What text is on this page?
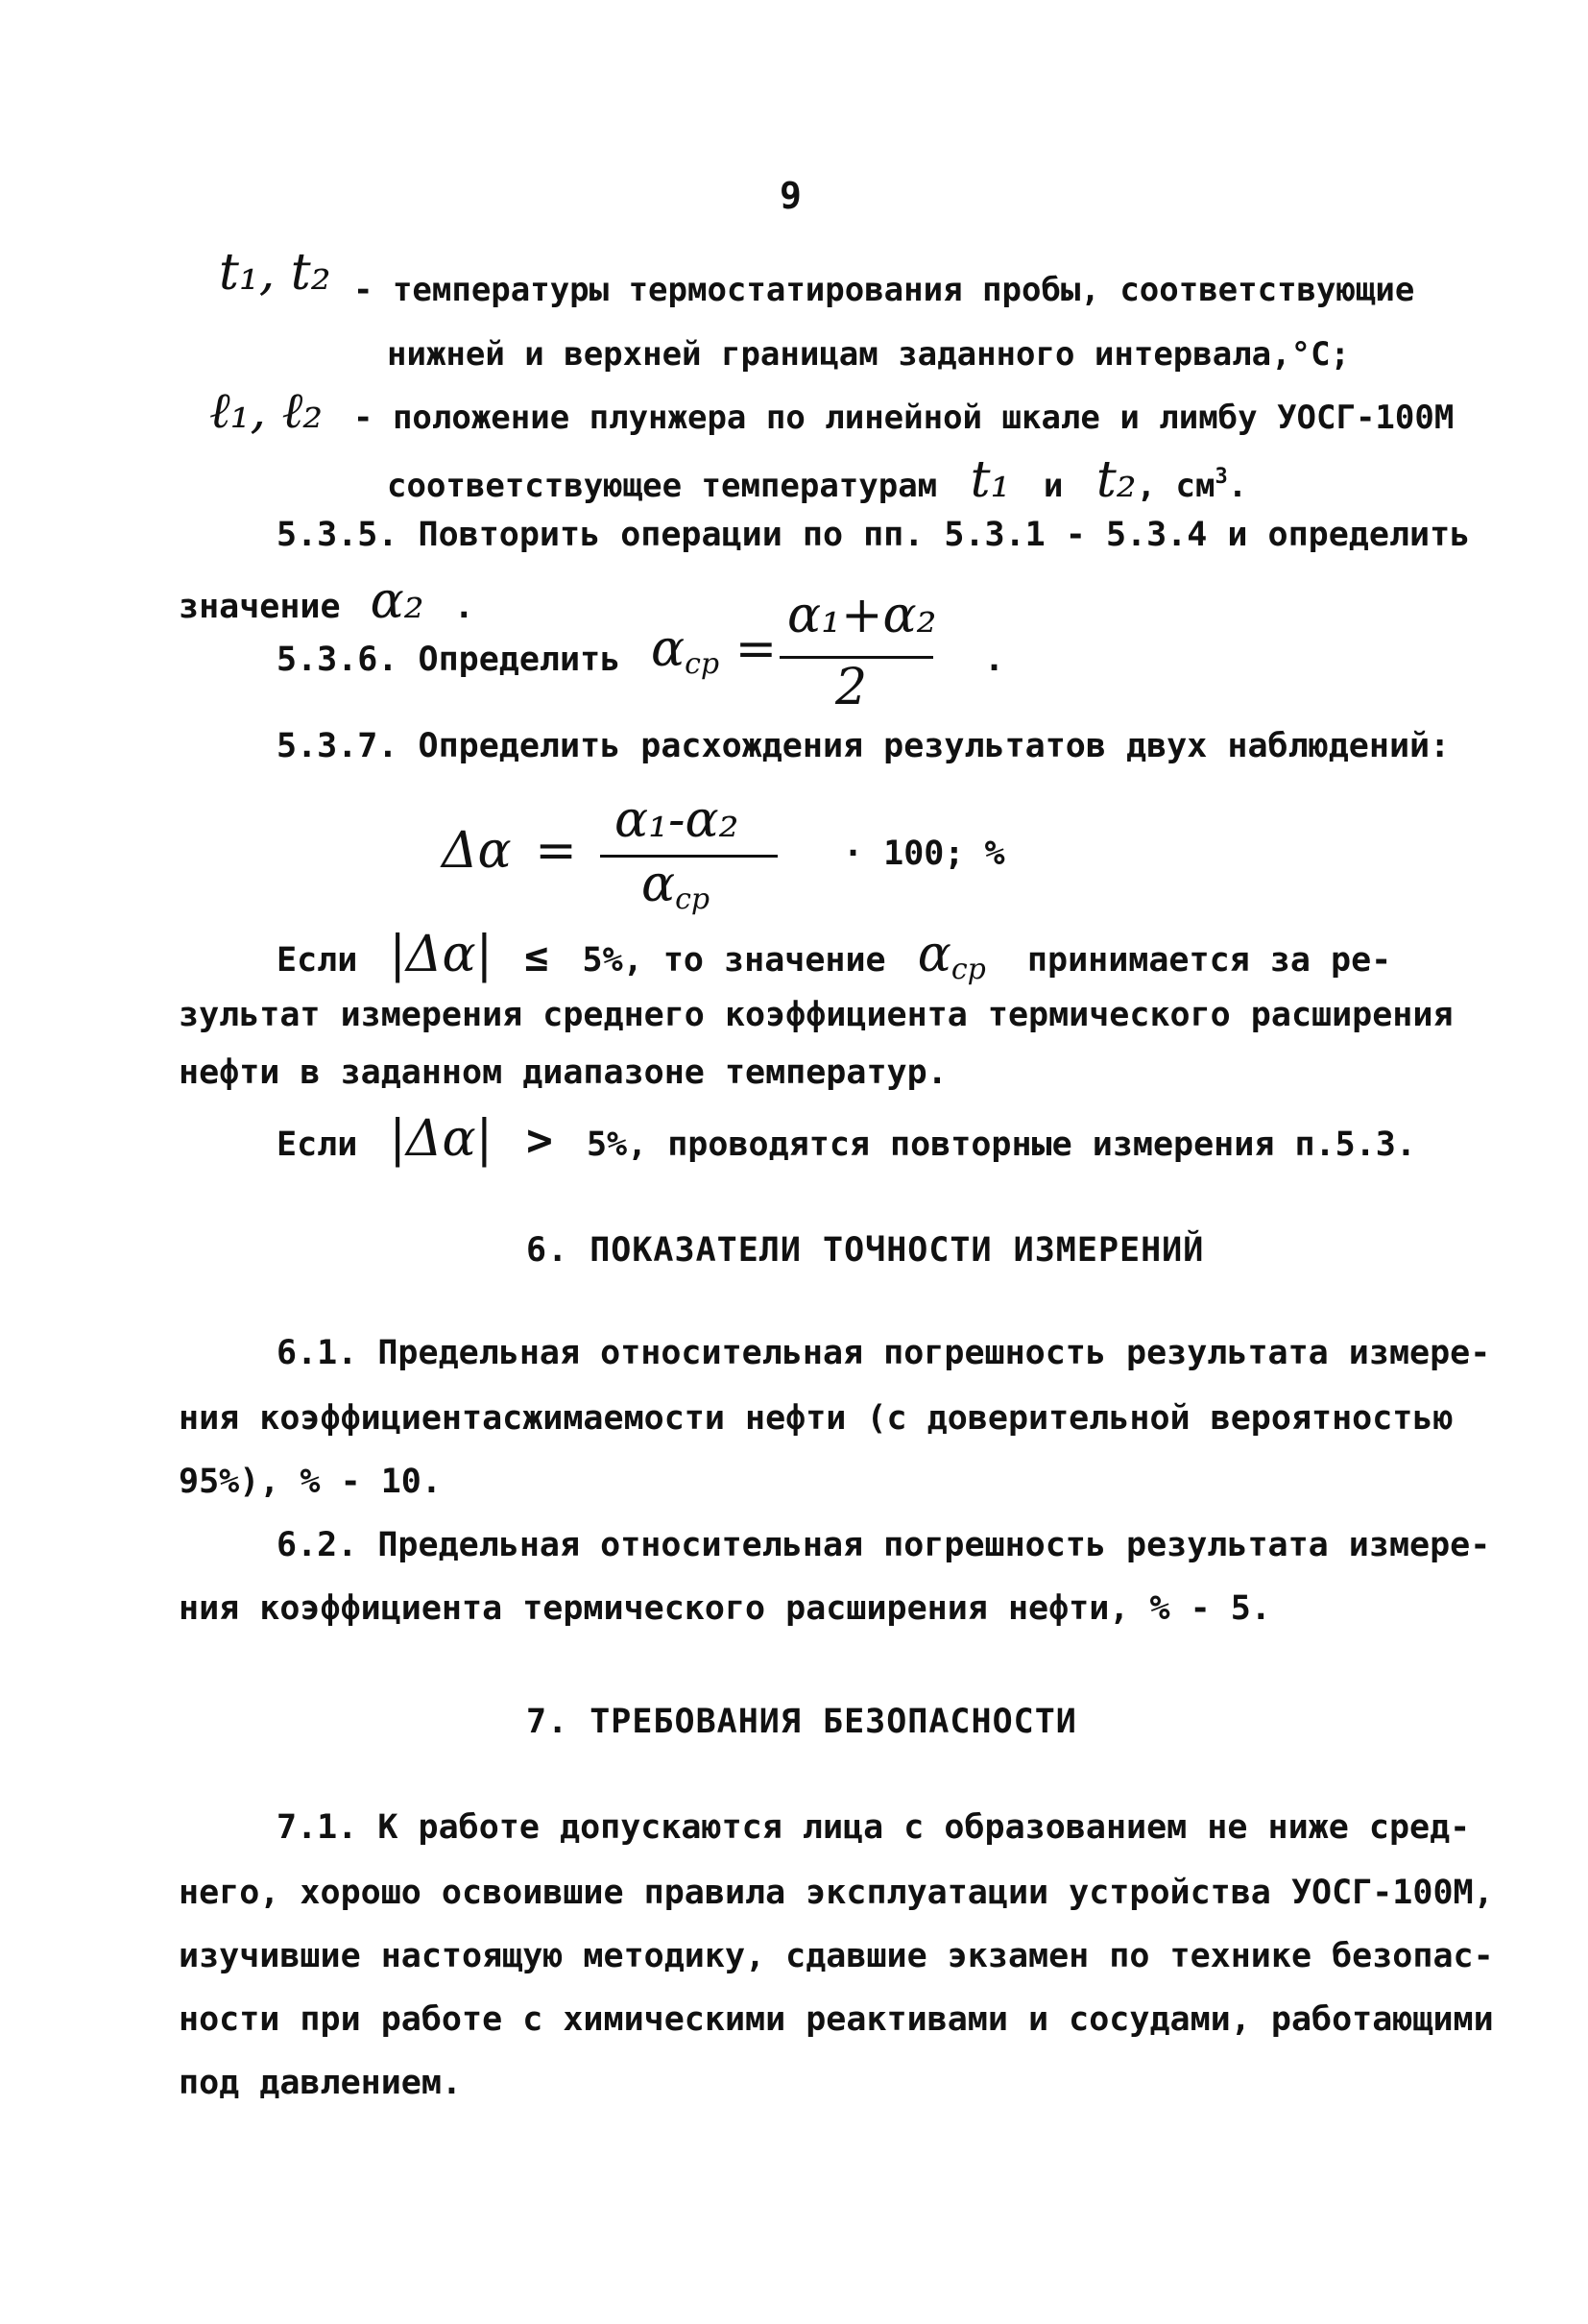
9
t₁, t₂ - температуры термостатирования пробы, соответствующие
нижней и верхней границам заданного интервала,°С;
ℓ₁, ℓ₂ - положение плунжера по линейной шкале и лимбу УОСГ-100М
соответствующее температурам t₁ и t₂, $см^3$.
5.3.5. Повторить операции по пп. 5.3.1 - 5.3.4 и определить
значение α₂ .
5.3.6. Определить $\alpha_{ср}$ =
α₁+α₂
2	.
5.3.7. Определить расхождения результатов двух наблюдений:
Δα =
α₁-α₂
$\alpha_{ср}$
· 100; %
Если |Δα| ≤ 5%, то значение $\alpha_{ср}$ принимается за ре-
зультат измерения среднего коэффициента термического расширения
нефти в заданном диапазоне температур.
Если |Δα| > 5%, проводятся повторные измерения п.5.3.
6. ПОКАЗАТЕЛИ ТОЧНОСТИ ИЗМЕРЕНИЙ
6.1. Предельная относительная погрешность результата измере-
ния коэффициентасжимаемости нефти (с доверительной вероятностью
95%), % - 10.
6.2. Предельная относительная погрешность результата измере-
ния коэффициента термического расширения нефти, % - 5.
7. ТРЕБОВАНИЯ БЕЗОПАСНОСТИ
7.1. К работе допускаются лица с образованием не ниже сред-
него, хорошо освоившие правила эксплуатации устройства УОСГ-100М,
изучившие настоящую методику, сдавшие экзамен по технике безопас-
ности при работе с химическими реактивами и сосудами, работающими
под давлением.
